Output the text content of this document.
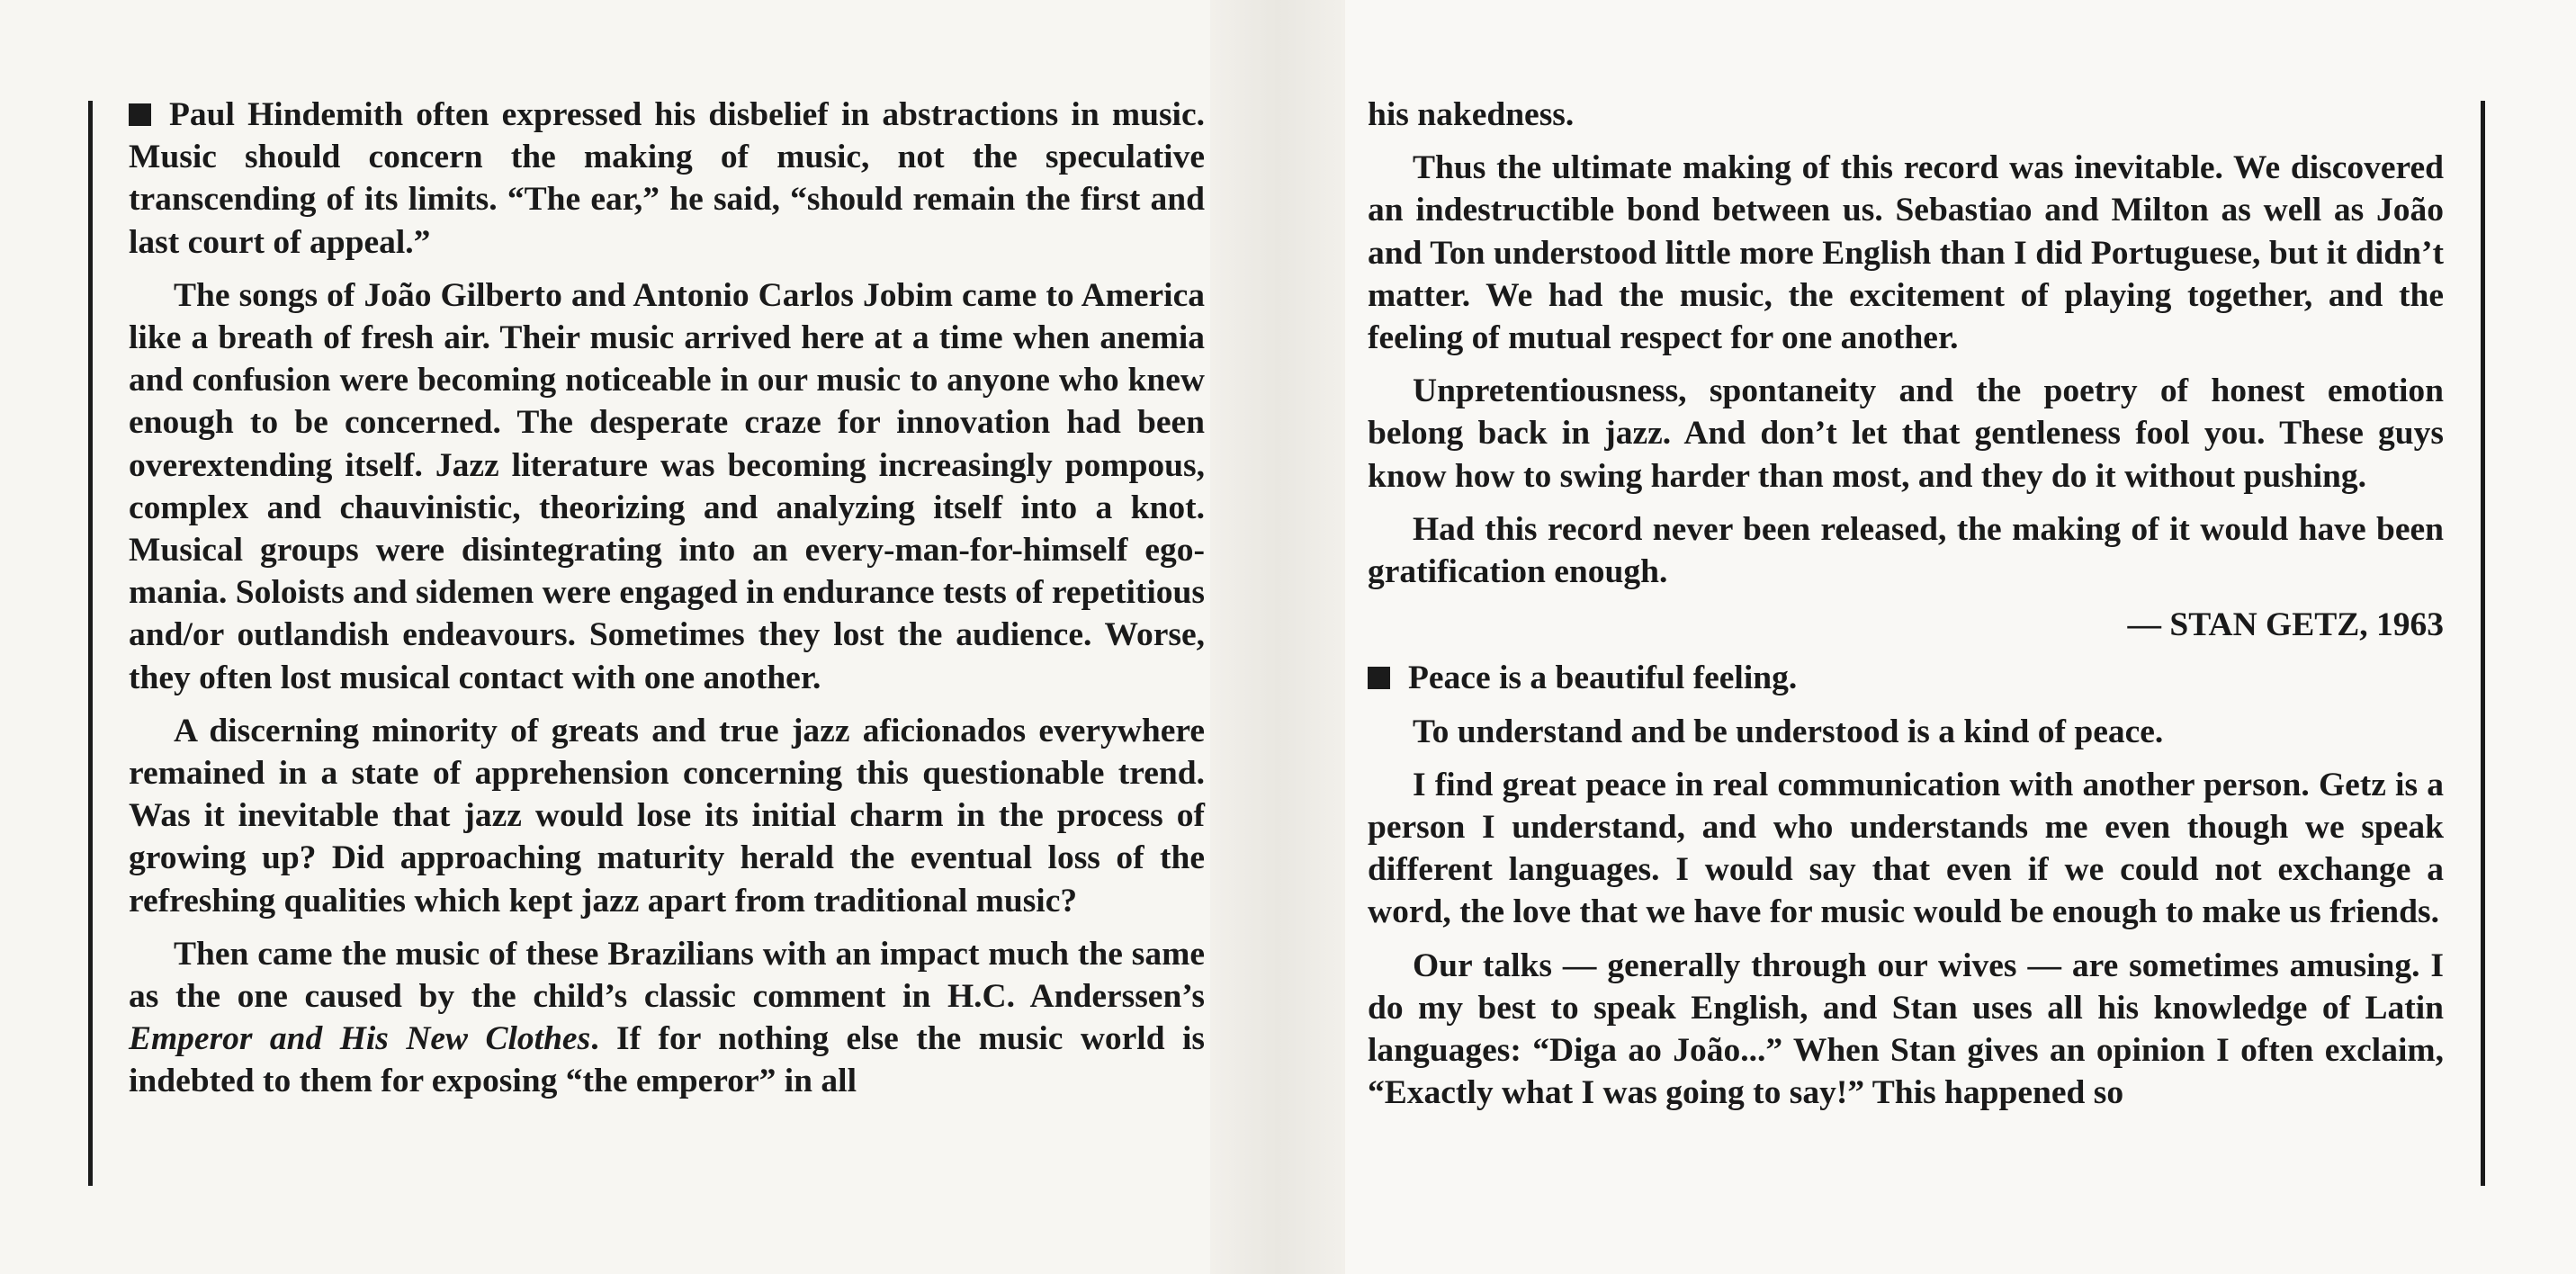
Paul Hindemith often expressed his disbelief in abstractions in music. Music should concern the making of music, not the speculative transcending of its limits. “The ear,” he said, “should remain the first and last court of appeal.”

The songs of João Gilberto and Antonio Carlos Jobim came to America like a breath of fresh air. Their music arrived here at a time when anemia and confusion were becoming noticeable in our music to anyone who knew enough to be concerned. The desperate craze for innovation had been overextending itself. Jazz literature was becoming increasingly pompous, complex and chauvinistic, theorizing and analyzing itself into a knot. Musical groups were disintegrating into an every-man-for-himself ego-mania. Soloists and sidemen were engaged in endurance tests of repetitious and/or outlandish endeavours. Sometimes they lost the audience. Worse, they often lost musical contact with one another.

A discerning minority of greats and true jazz aficionados everywhere remained in a state of apprehension concerning this questionable trend. Was it inevitable that jazz would lose its initial charm in the process of growing up? Did approaching maturity herald the eventual loss of the refreshing qualities which kept jazz apart from traditional music?

Then came the music of these Brazilians with an impact much the same as the one caused by the child’s classic comment in H.C. Anderssen’s Emperor and His New Clothes. If for nothing else the music world is indebted to them for exposing “the emperor” in all

his nakedness.

Thus the ultimate making of this record was inevitable. We discovered an indestructible bond between us. Sebastiao and Milton as well as João and Ton understood little more English than I did Portuguese, but it didn’t matter. We had the music, the excitement of playing together, and the feeling of mutual respect for one another.

Unpretentiousness, spontaneity and the poetry of honest emotion belong back in jazz. And don’t let that gentleness fool you. These guys know how to swing harder than most, and they do it without pushing.

Had this record never been released, the making of it would have been gratification enough.

— STAN GETZ, 1963

Peace is a beautiful feeling.

To understand and be understood is a kind of peace.

I find great peace in real communication with another person. Getz is a person I understand, and who understands me even though we speak different languages. I would say that even if we could not exchange a word, the love that we have for music would be enough to make us friends.

Our talks — generally through our wives — are sometimes amusing. I do my best to speak English, and Stan uses all his knowledge of Latin languages: “Diga ao João...” When Stan gives an opinion I often exclaim, “Exactly what I was going to say!” This happened so
